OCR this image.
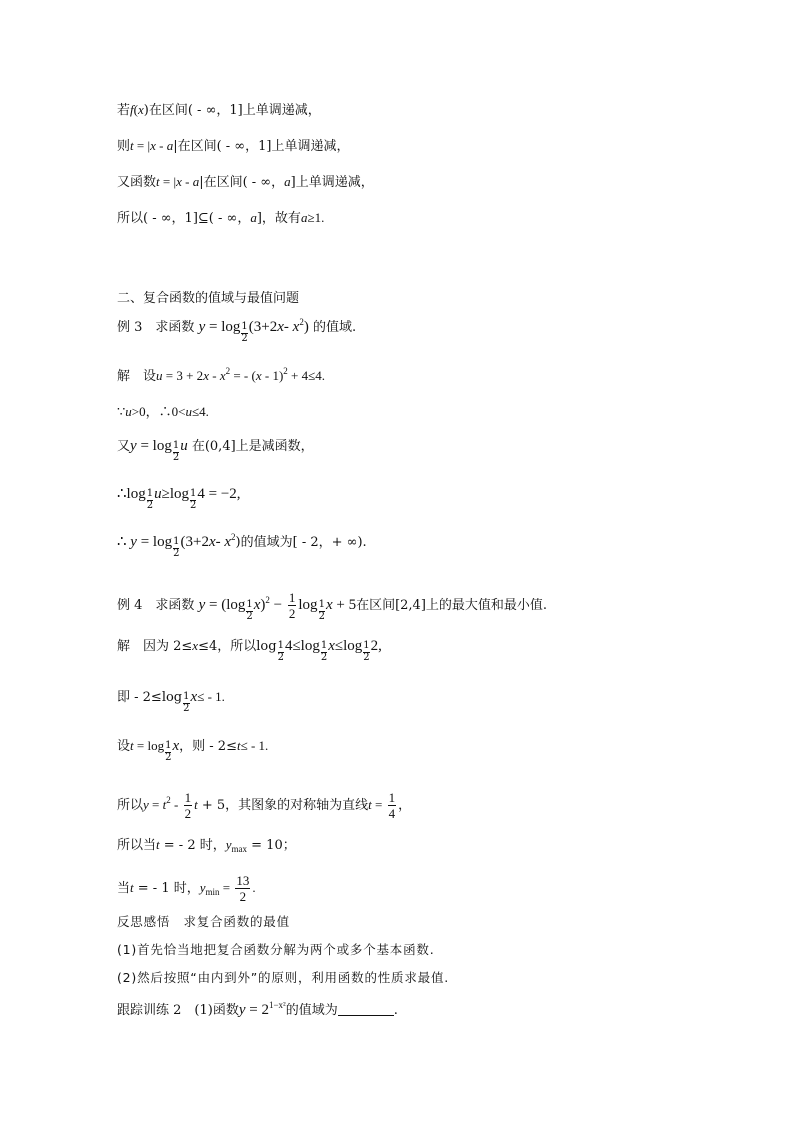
若f(x)在区间( - ∞，1]上单调递减，
则t = |x - a|在区间( - ∞，1]上单调递减，
又函数t = |x - a|在区间( - ∞，a]上单调递减，
所以( - ∞，1]⊆( - ∞，a]，故有a≥1.
二、复合函数的值域与最值问题
例 3　 求函数 $y = \log \frac{1}{2} (3+2x-$ $x^2$) 的值域.
解　设$u = 3 + 2x - x^2$ = - (x - 1)$^2$ + 4≤4.
∵u>0，∴0<u≤4.
又$y = \log \frac{1}{2}$ u 在(0,4]上是减函数，
∴log $\frac{1}{2} u\ge\log \frac{1}{2} 4 = -2$,
∴ $y = \log \frac{1}{2} (3+2x-$ $x^2$)的值域为[ - 2，+ ∞).
例 4　 求函数 $y = (\log \frac{1}{2} x)^2 - \frac{1}{2}$ $\log \frac{1}{2}$ x + 5在区间[2,4]上的最大值和最小值.
解　因为 2≤x≤4，所以$\log \frac{1}{2} 4\le\log \frac{1}{2} x\le\log \frac{1}{2} 2$,
即 - $2\le\log \frac{1}{2} x\le - 1$.
设$t = \log \frac{1}{2}$ x，则 - 2≤t≤ - 1.
所以$y = t^2 - \frac{1}{2}$ t + 5，其图象的对称轴为直线$t = \frac{1}{4}$ ，
所以当t = - 2 时，$y_{max} = 10$；
当t = - 1 时，$y_{min} = \frac{13}{2}$ .
反思感悟　求复合函数的最值
(1)首先恰当地把复合函数分解为两个或多个基本函数.
(2)然后按照“由内到外”的原则，利用函数的性质求最值.
跟踪训练 2　(1)函数$y = 2^{1-x^2}$的值域为	.
